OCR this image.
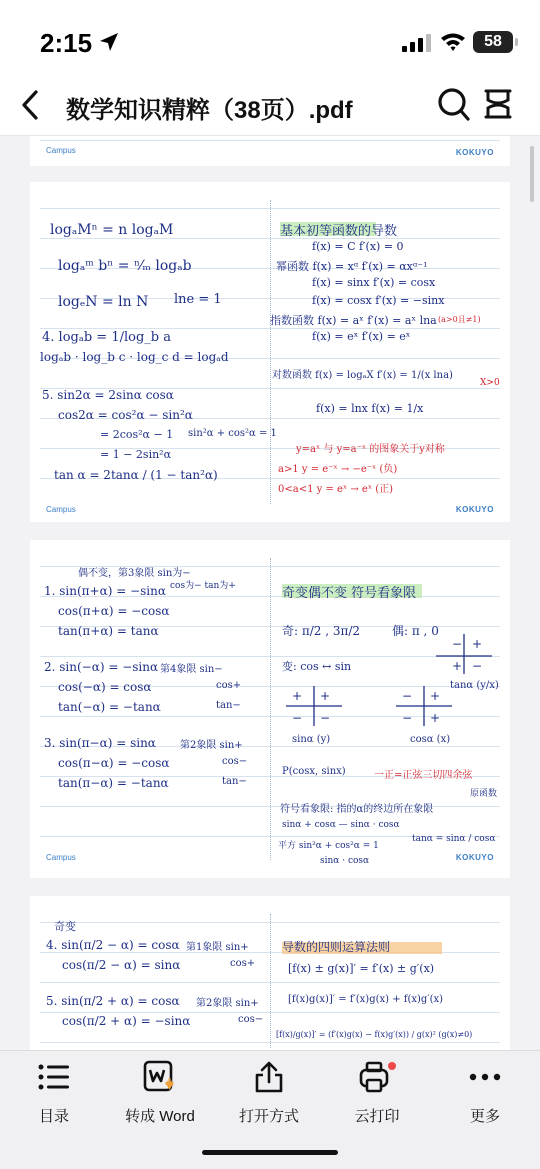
2:15	58
数学知识精粹（38页）.pdf
Campus	KOKUYO
logₐMⁿ = n logₐM
logₐᵐ bⁿ = ⁿ⁄ₘ logₐb
logₑN = ln N lne = 1
4. logₐb = 1/log_b a
logₐb · log_b c · log_c d = logₐd
5. sin2α = 2sinα cosα
cos2α = cos²α − sin²α
= 2cos²α − 1 sin²α + cos²α = 1
= 1 − 2sin²α
tan α = 2tanα / (1 − tan²α)
基本初等函数的导数
f(x) = C f′(x) = 0
幂函数 f(x) = xᵅ f′(x) = αxᵅ⁻¹
f(x) = sinx f′(x) = cosx
f(x) = cosx f′(x) = −sinx
指数函数 f(x) = aˣ f′(x) = aˣ lna (a>0且≠1)
f(x) = eˣ f′(x) = eˣ
对数函数 f(x) = logₐX f′(x) = 1/(x lna)
X>0
f(x) = lnx f(x) = 1/x
y=aˣ 与 y=a⁻ˣ 的图象关于y对称
a>1 y = e⁻ˣ → −e⁻ˣ (负)
0<a<1 y = eˣ → eˣ (正)
Campus	KOKUYO
偶不变，第3象限 sin为−
cos为− tan为+
1. sin(π+α) = −sinα
cos(π+α) = −cosα
tan(π+α) = tanα
2. sin(−α) = −sinα 第4象限 sin−
cos(−α) = cosα	cos+
tan(−α) = −tanα	tan−
3. sin(π−α) = sinα 第2象限 sin+
cos(π−α) = −cosα	cos−
tan(π−α) = −tanα	tan−
奇变偶不变 符号看象限
奇: π/2 , 3π/2	偶: π , 0
变: cos ↔ sin
tanα (y/x)
+
−
+ −
+ +
− −
− +
− +
sinα (y)	cosα (x)
P(cosx, sinx)	一正=正弦三切四余弦
符号看象限: 指的α的终边所在象限
原函数
sinα + cosα — sinα · cosα
平方 sin²α + cos²α = 1
tanα = sinα / cosα
sinα · cosα
Campus	KOKUYO
奇变
4. sin(π/2 − α) = cosα 第1象限 sin+
cos(π/2 − α) = sinα	cos+
5. sin(π/2 + α) = cosα 第2象限 sin+
cos(π/2 + α) = −sinα	cos−
导数的四则运算法则
[f(x) ± g(x)]′ = f′(x) ± g′(x)
[f(x)g(x)]′ = f′(x)g(x) + f(x)g′(x)
[f(x)/g(x)]′ = (f′(x)g(x) − f(x)g′(x)) / g(x)² (g(x)≠0)
目录	转成 Word	打开方式	云打印	更多
